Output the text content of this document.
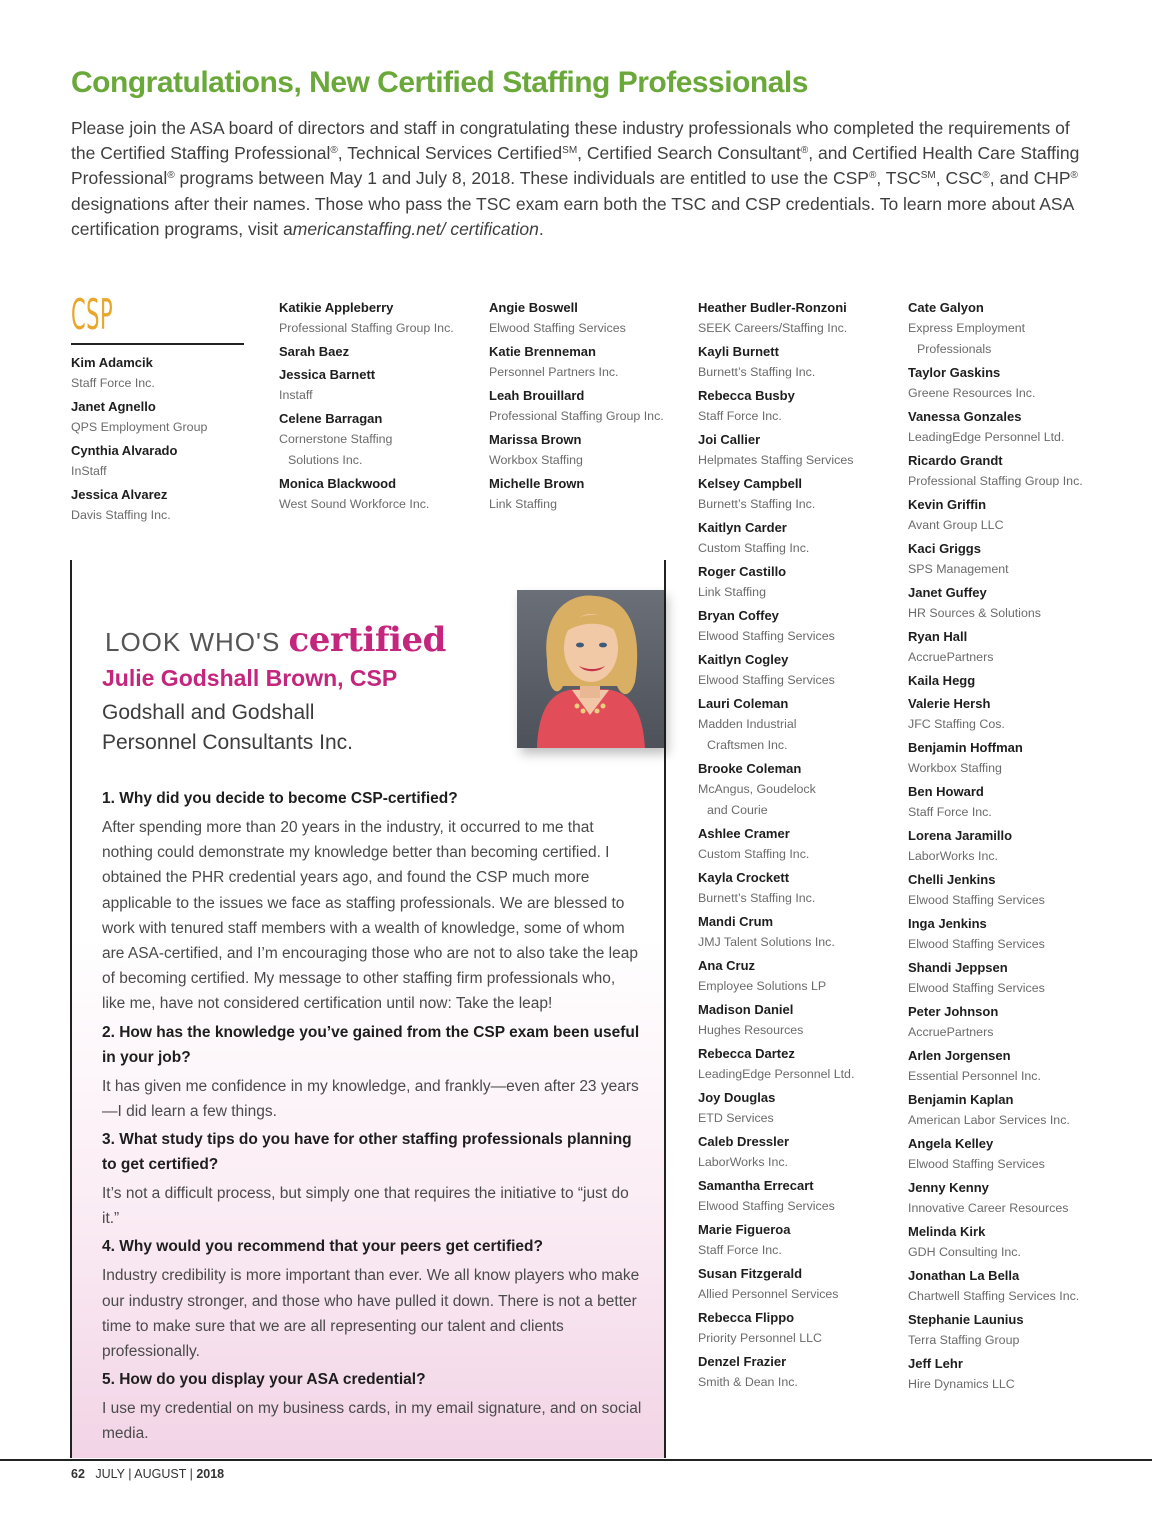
Congratulations, New Certified Staffing Professionals

Please join the ASA board of directors and staff in congratulating these industry professionals who completed the requirements of the Certified Staffing Professional®, Technical Services Certified℠, Certified Search Consultant®, and Certified Health Care Staffing Professional® programs between May 1 and July 8, 2018. These individuals are entitled to use the CSP®, TSC℠, CSC®, and CHP® designations after their names. Those who pass the TSC exam earn both the TSC and CSP credentials. To learn more about ASA certification programs, visit americanstaffing.net/ certification.

CSP
Kim Adamcik
Staff Force Inc.
Janet Agnello
QPS Employment Group
Cynthia Alvarado
InStaff
Jessica Alvarez
Davis Staffing Inc.
Katikie Appleberry
Professional Staffing Group Inc.
Sarah Baez
Jessica Barnett
Instaff
Celene Barragan
Cornerstone Staffing
Solutions Inc.
Monica Blackwood
West Sound Workforce Inc.
Angie Boswell
Elwood Staffing Services
Katie Brenneman
Personnel Partners Inc.
Leah Brouillard
Professional Staffing Group Inc.
Marissa Brown
Workbox Staffing
Michelle Brown
Link Staffing
Heather Budler-Ronzoni
SEEK Careers/Staffing Inc.
Kayli Burnett
Burnett’s Staffing Inc.
Rebecca Busby
Staff Force Inc.
Joi Callier
Helpmates Staffing Services
Kelsey Campbell
Burnett’s Staffing Inc.
Kaitlyn Carder
Custom Staffing Inc.
Roger Castillo
Link Staffing
Bryan Coffey
Elwood Staffing Services
Kaitlyn Cogley
Elwood Staffing Services
Lauri Coleman
Madden Industrial
Craftsmen Inc.
Brooke Coleman
McAngus, Goudelock
and Courie
Ashlee Cramer
Custom Staffing Inc.
Kayla Crockett
Burnett’s Staffing Inc.
Mandi Crum
JMJ Talent Solutions Inc.
Ana Cruz
Employee Solutions LP
Madison Daniel
Hughes Resources
Rebecca Dartez
LeadingEdge Personnel Ltd.
Joy Douglas
ETD Services
Caleb Dressler
LaborWorks Inc.
Samantha Errecart
Elwood Staffing Services
Marie Figueroa
Staff Force Inc.
Susan Fitzgerald
Allied Personnel Services
Rebecca Flippo
Priority Personnel LLC
Denzel Frazier
Smith & Dean Inc.
Cate Galyon
Express Employment
Professionals
Taylor Gaskins
Greene Resources Inc.
Vanessa Gonzales
LeadingEdge Personnel Ltd.
Ricardo Grandt
Professional Staffing Group Inc.
Kevin Griffin
Avant Group LLC
Kaci Griggs
SPS Management
Janet Guffey
HR Sources & Solutions
Ryan Hall
AccruePartners
Kaila Hegg
Valerie Hersh
JFC Staffing Cos.
Benjamin Hoffman
Workbox Staffing
Ben Howard
Staff Force Inc.
Lorena Jaramillo
LaborWorks Inc.
Chelli Jenkins
Elwood Staffing Services
Inga Jenkins
Elwood Staffing Services
Shandi Jeppsen
Elwood Staffing Services
Peter Johnson
AccruePartners
Arlen Jorgensen
Essential Personnel Inc.
Benjamin Kaplan
American Labor Services Inc.
Angela Kelley
Elwood Staffing Services
Jenny Kenny
Innovative Career Resources
Melinda Kirk
GDH Consulting Inc.
Jonathan La Bella
Chartwell Staffing Services Inc.
Stephanie Launius
Terra Staffing Group
Jeff Lehr
Hire Dynamics LLC
LOOK WHO'S certified
Julie Godshall Brown, CSP
Godshall and Godshall
Personnel Consultants Inc.

1. Why did you decide to become CSP-certified?

After spending more than 20 years in the industry, it occurred to me that nothing could demonstrate my knowledge better than becoming certified. I obtained the PHR credential years ago, and found the CSP much more applicable to the issues we face as staffing professionals. We are blessed to work with tenured staff members with a wealth of knowledge, some of whom are ASA-certified, and I’m encouraging those who are not to also take the leap of becoming certified. My message to other staffing firm professionals who, like me, have not considered certification until now: Take the leap!

2. How has the knowledge you’ve gained from the CSP exam been useful in your job?

It has given me confidence in my knowledge, and frankly—even after 23 years—I did learn a few things.

3. What study tips do you have for other staffing professionals planning to get certified?

It’s not a difficult process, but simply one that requires the initiative to “just do it.”

4. Why would you recommend that your peers get certified?

Industry credibility is more important than ever. We all know players who make our industry stronger, and those who have pulled it down. There is not a better time to make sure that we are all representing our talent and clients professionally.

5. How do you display your ASA credential?

I use my credential on my business cards, in my email signature, and on social media.

62 JULY | AUGUST | 2018
